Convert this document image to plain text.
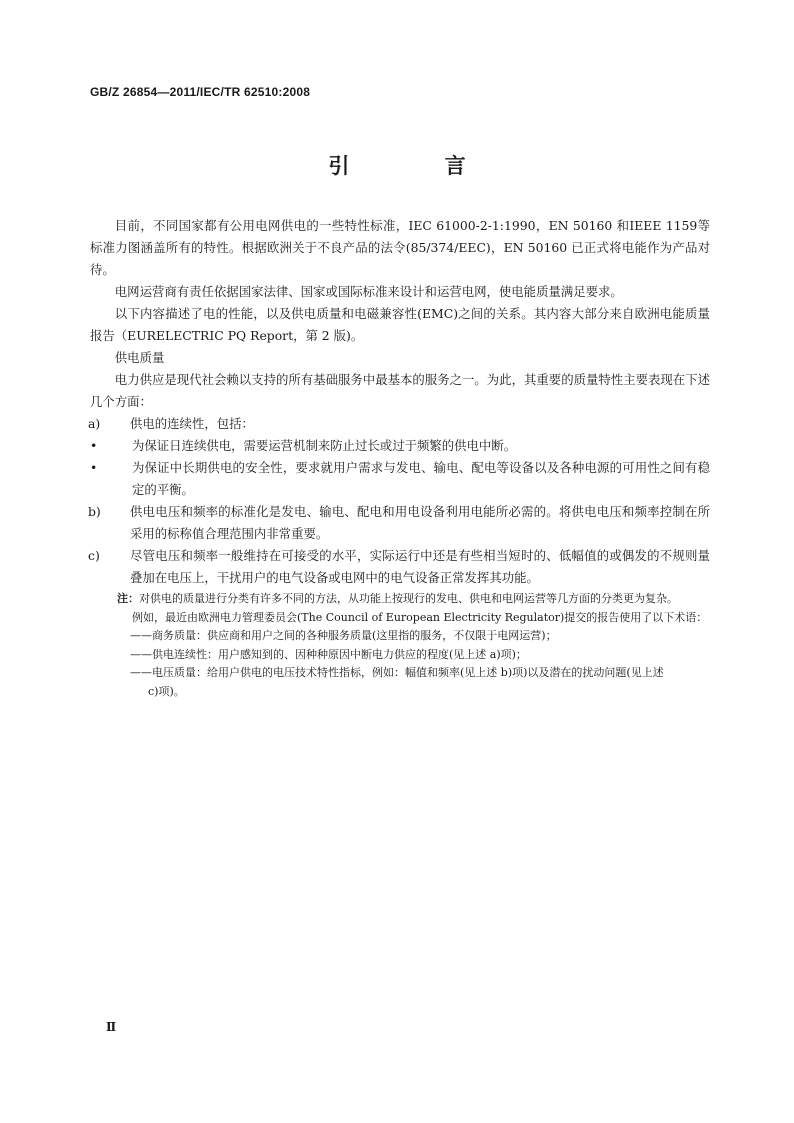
GB/Z 26854—2011/IEC/TR 62510:2008
引 言

目前，不同国家都有公用电网供电的一些特性标准，IEC 61000-2-1:1990，EN 50160 和IEEE 1159等标准力图涵盖所有的特性。根据欧洲关于不良产品的法令(85/374/EEC)，EN 50160 已正式将电能作为产品对待。

电网运营商有责任依据国家法律、国家或国际标准来设计和运营电网，使电能质量满足要求。

以下内容描述了电的性能，以及供电质量和电磁兼容性(EMC)之间的关系。其内容大部分来自欧洲电能质量报告（EURELECTRIC PQ Report，第 2 版)。

供电质量

电力供应是现代社会赖以支持的所有基础服务中最基本的服务之一。为此，其重要的质量特性主要表现在下述几个方面：

a)	供电的连续性，包括：
•	为保证日连续供电，需要运营机制来防止过长或过于频繁的供电中断。
•	为保证中长期供电的安全性，要求就用户需求与发电、输电、配电等设备以及各种电源的可用性之间有稳定的平衡。
b)	供电电压和频率的标准化是发电、输电、配电和用电设备利用电能所必需的。将供电电压和频率控制在所采用的标称值合理范围内非常重要。
c)	尽管电压和频率一般维持在可接受的水平，实际运行中还是有些相当短时的、低幅值的或偶发的不规则量叠加在电压上，干扰用户的电气设备或电网中的电气设备正常发挥其功能。

注：对供电的质量进行分类有许多不同的方法，从功能上按现行的发电、供电和电网运营等几方面的分类更为复杂。

例如，最近由欧洲电力管理委员会(The Council of European Electricity Regulator)提交的报告使用了以下术语：

——商务质量：供应商和用户之间的各种服务质量(这里指的服务，不仅限于电网运营)；

——供电连续性：用户感知到的、因种种原因中断电力供应的程度(见上述 a)项)；

——电压质量：给用户供电的电压技术特性指标，例如：幅值和频率(见上述 b)项)以及潜在的扰动问题(见上述

c)项)。

Ⅱ
